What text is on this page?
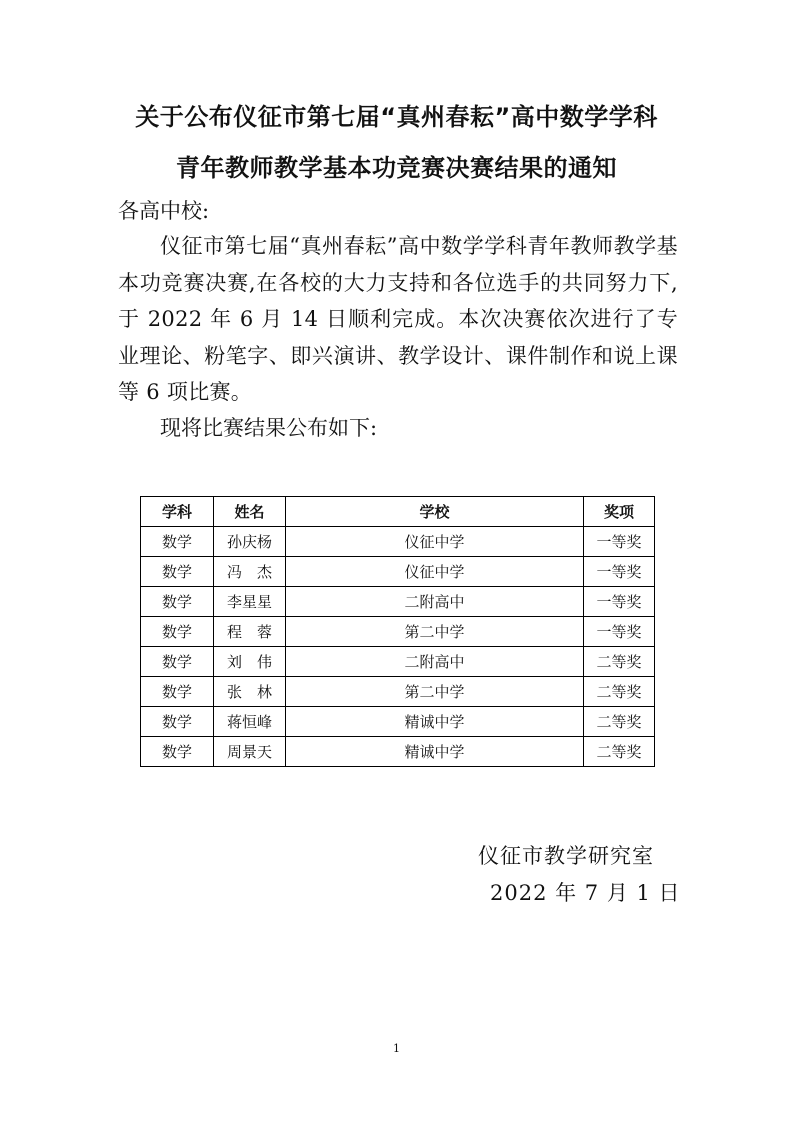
关于公布仪征市第七届“真州春耘”高中数学学科
青年教师教学基本功竞赛决赛结果的通知
各高中校:

仪征市第七届“真州春耘”高中数学学科青年教师教学基本功竞赛决赛,在各校的大力支持和各位选手的共同努力下,于 2022 年 6 月 14 日顺利完成。本次决赛依次进行了专业理论、粉笔字、即兴演讲、教学设计、课件制作和说上课等 6 项比赛。

现将比赛结果公布如下:

学科	姓名	学校	奖项
数学	孙庆杨	仪征中学	一等奖
数学	冯　杰	仪征中学	一等奖
数学	李星星	二附高中	一等奖
数学	程　蓉	第二中学	一等奖
数学	刘　伟	二附高中	二等奖
数学	张　林	第二中学	二等奖
数学	蒋恒峰	精诚中学	二等奖
数学	周景天	精诚中学	二等奖
仪征市教学研究室
2022 年 7 月 1 日
1
